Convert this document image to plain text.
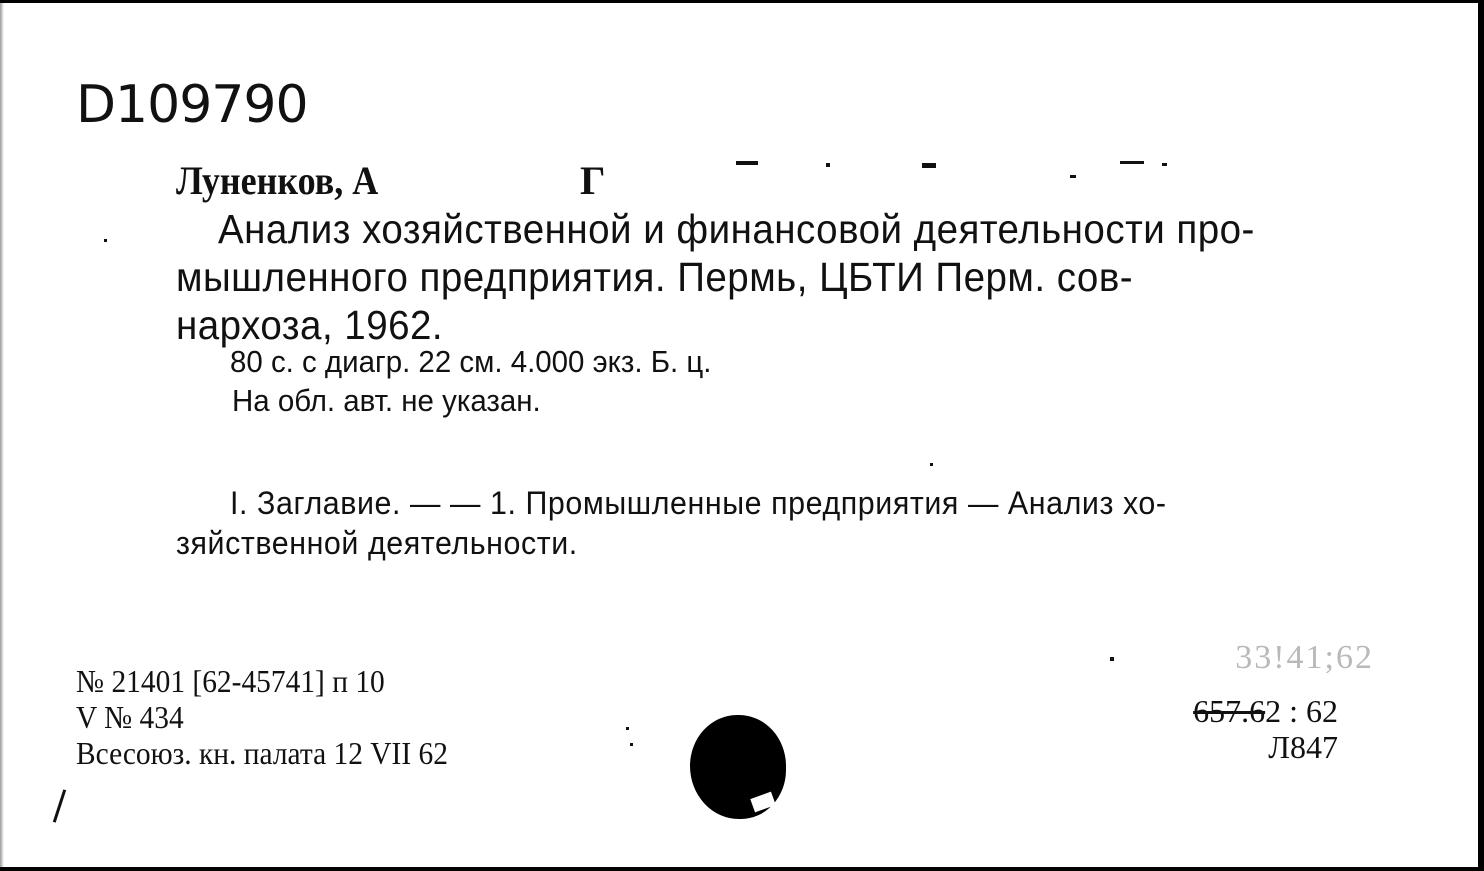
D109790
Луненков, А	Г
Анализ хозяйственной и финансовой деятельности про-
мышленного предприятия. Пермь, ЦБТИ Перм. сов-
нархоза, 1962.
80 с. с диагр. 22 см. 4.000 экз. Б. ц.
На обл. авт. не указан.
I. Заглавие. — — 1. Промышленные предприятия — Анализ хо-
зяйственной деятельности.
№ 21401 [62-45741] п 10
V № 434
Всесоюз. кн. палата 12 VII 62
33!41;62
657.62 : 62
Л847
